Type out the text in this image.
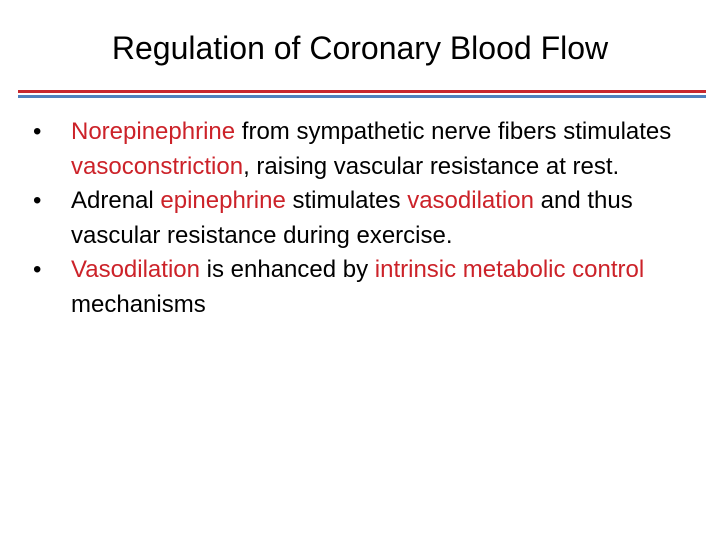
Regulation of Coronary Blood Flow
• Norepinephrine from sympathetic nerve fibers stimulates vasoconstriction, raising vascular resistance at rest.
• Adrenal epinephrine stimulates vasodilation and thus vascular resistance during exercise.
• Vasodilation is enhanced by intrinsic metabolic control mechanisms
